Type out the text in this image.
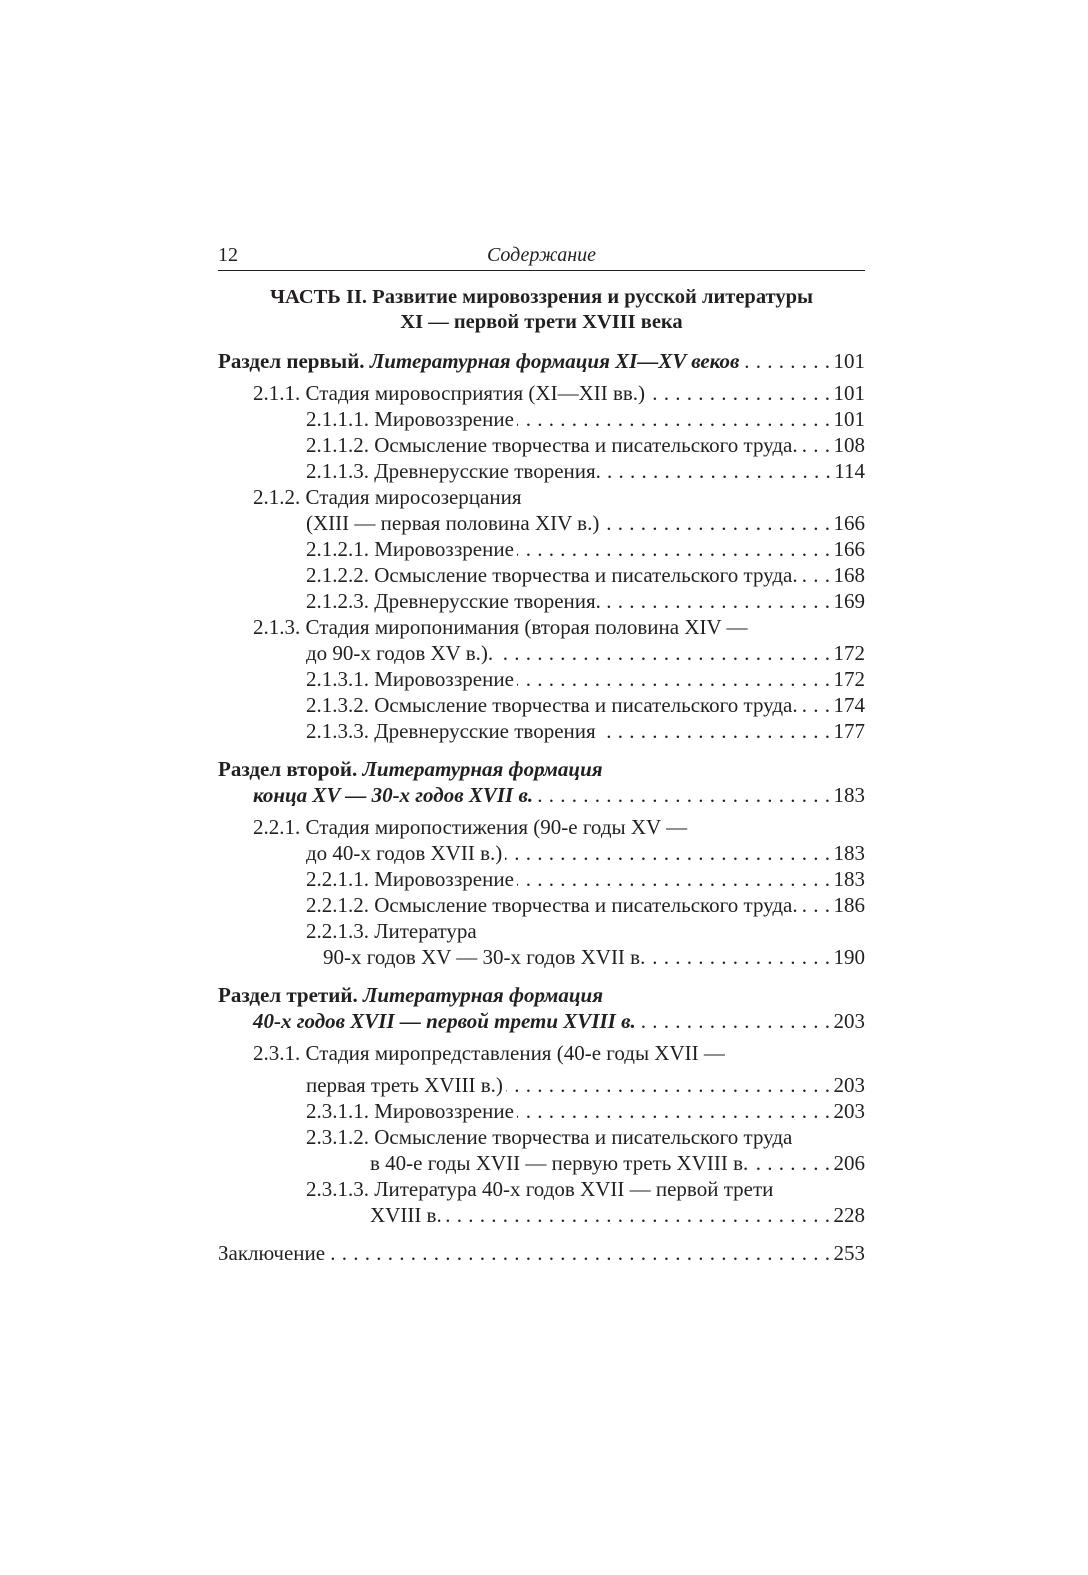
12	Содержание
ЧАСТЬ II. Развитие мировоззрения и русской литературы
XI — первой трети XVIII века
Раздел первый. Литературная формация XI—XV веков . . .	101
2.1.1. Стадия мировосприятия (XI—XII вв.) . . .	101
2.1.1.1. Мировоззрение . . .	101
2.1.1.2. Осмысление творчества и писательского труда. . . . 108
2.1.1.3. Древнерусские творения. . . .	114
2.1.2. Стадия миросозерцания
(XIII — первая половина XIV в.) . . .	166
2.1.2.1. Мировоззрение . . .	166
2.1.2.2. Осмысление творчества и писательского труда. . . . 168
2.1.2.3. Древнерусские творения. . . .	169
2.1.3. Стадия миропонимания (вторая половина XIV —
до 90-х годов XV в.). . . .	172
2.1.3.1. Мировоззрение . . .	172
2.1.3.2. Осмысление творчества и писательского труда. . . . 174
2.1.3.3. Древнерусские творения . . .	177
Раздел второй. Литературная формация
конца XV — 30-х годов XVII в. . . .	183
2.2.1. Стадия миропостижения (90-е годы XV —
до 40-х годов XVII в.) . . .	183
2.2.1.1. Мировоззрение . . .	183
2.2.1.2. Осмысление творчества и писательского труда. . . . 186
2.2.1.3. Литература
90-х годов XV — 30-х годов XVII в. . . .	190
Раздел третий. Литературная формация
40-х годов XVII — первой трети XVIII в. . . .	203
2.3.1. Стадия миропредставления (40-е годы XVII —
первая треть XVIII в.) . . .	203
2.3.1.1. Мировоззрение . . .	203
2.3.1.2. Осмысление творчества и писательского труда
в 40-е годы XVII — первую треть XVIII в. . . .	206
2.3.1.3. Литература 40-х годов XVII — первой трети
XVIII в. . . .	228
Заключение . . .	253
